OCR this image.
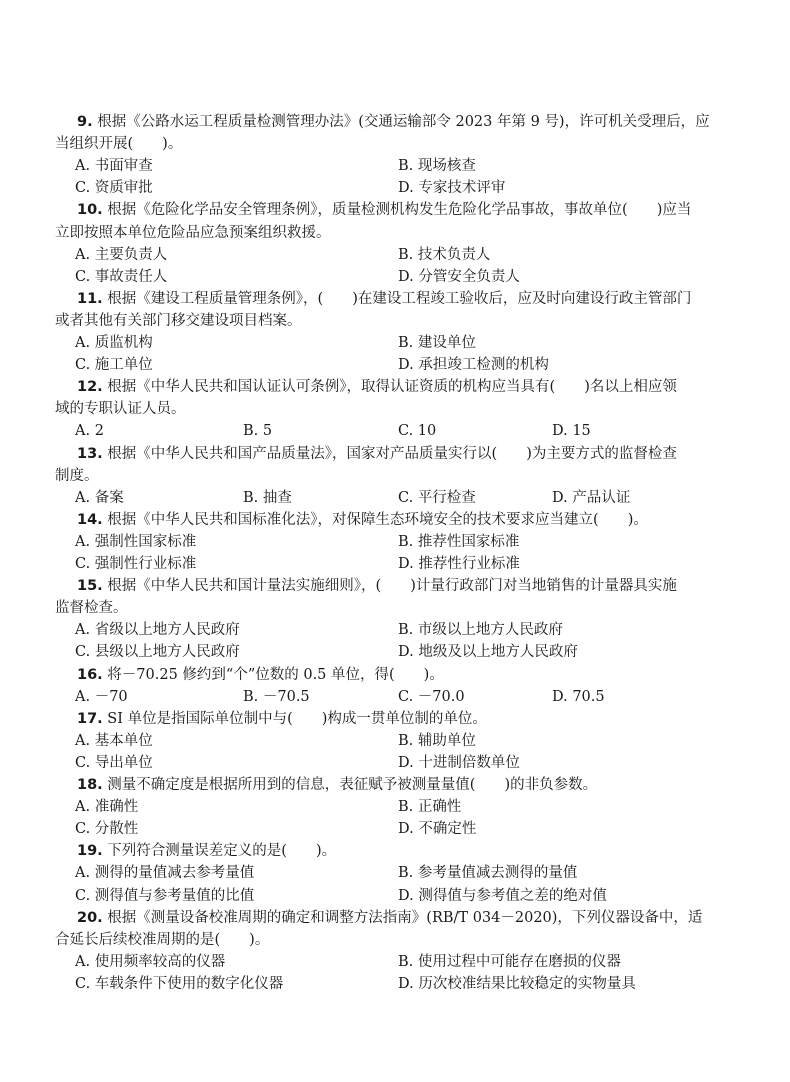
9. 根据《公路水运工程质量检测管理办法》(交通运输部令 2023 年第 9 号)，许可机关受理后，应
当组织开展(　　)。
A. 书面审查	B. 现场核查
C. 资质审批	D. 专家技术评审
10. 根据《危险化学品安全管理条例》，质量检测机构发生危险化学品事故，事故单位(　　)应当
立即按照本单位危险品应急预案组织救援。
A. 主要负责人	B. 技术负责人
C. 事故责任人	D. 分管安全负责人
11. 根据《建设工程质量管理条例》，(　　)在建设工程竣工验收后，应及时向建设行政主管部门
或者其他有关部门移交建设项目档案。
A. 质监机构	B. 建设单位
C. 施工单位	D. 承担竣工检测的机构
12. 根据《中华人民共和国认证认可条例》，取得认证资质的机构应当具有(　　)名以上相应领
域的专职认证人员。
A. 2	B. 5	C. 10	D. 15
13. 根据《中华人民共和国产品质量法》，国家对产品质量实行以(　　)为主要方式的监督检查
制度。
A. 备案	B. 抽查	C. 平行检查	D. 产品认证
14. 根据《中华人民共和国标准化法》，对保障生态环境安全的技术要求应当建立(　　)。
A. 强制性国家标准	B. 推荐性国家标准
C. 强制性行业标准	D. 推荐性行业标准
15. 根据《中华人民共和国计量法实施细则》，(　　)计量行政部门对当地销售的计量器具实施
监督检查。
A. 省级以上地方人民政府	B. 市级以上地方人民政府
C. 县级以上地方人民政府	D. 地级及以上地方人民政府
16. 将－70.25 修约到“个”位数的 0.5 单位，得(　　)。
A. －70	B. －70.5	C. －70.0	D. 70.5
17. SI 单位是指国际单位制中与(　　)构成一贯单位制的单位。
A. 基本单位	B. 辅助单位
C. 导出单位	D. 十进制倍数单位
18. 测量不确定度是根据所用到的信息，表征赋予被测量量值(　　)的非负参数。
A. 准确性	B. 正确性
C. 分散性	D. 不确定性
19. 下列符合测量误差定义的是(　　)。
A. 测得的量值减去参考量值	B. 参考量值减去测得的量值
C. 测得值与参考量值的比值	D. 测得值与参考值之差的绝对值
20. 根据《测量设备校准周期的确定和调整方法指南》(RB/T 034－2020)，下列仪器设备中，适
合延长后续校准周期的是(　　)。
A. 使用频率较高的仪器	B. 使用过程中可能存在磨损的仪器
C. 车载条件下使用的数字化仪器	D. 历次校准结果比较稳定的实物量具
